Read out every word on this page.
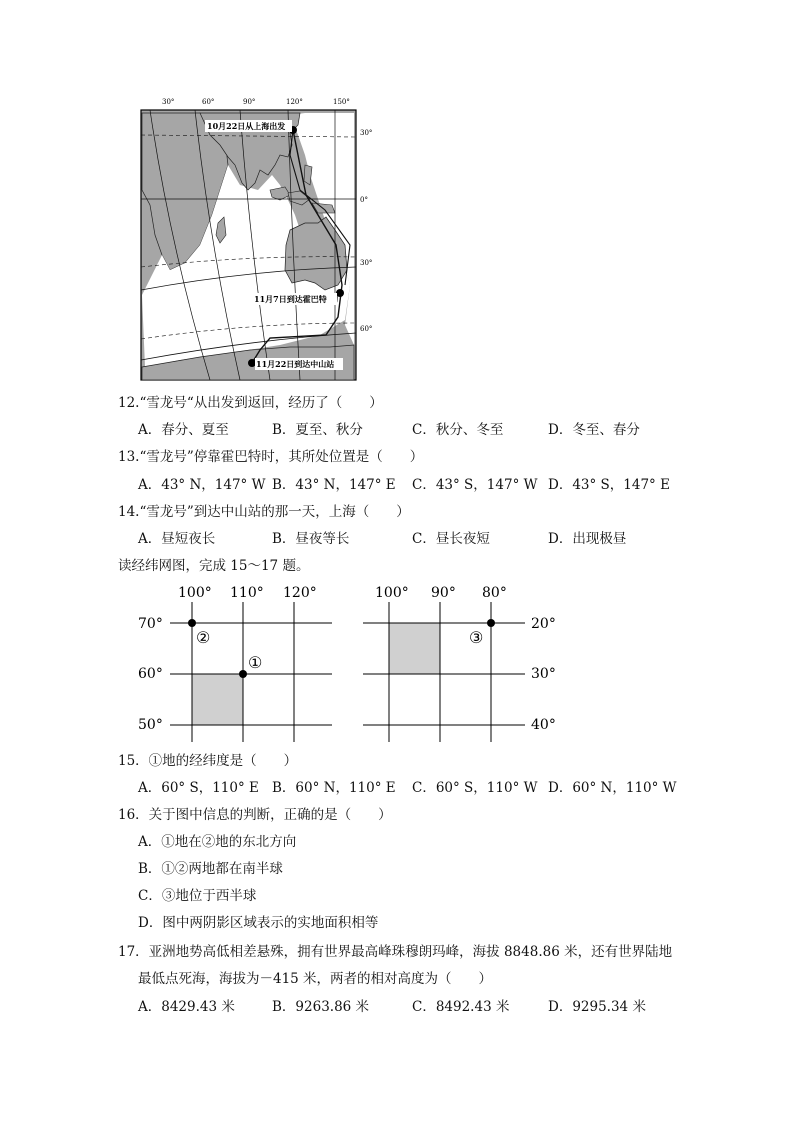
30°	60°	90°	120°	150°
30°
0°
30°
60°
10月22日从上海出发
11月7日到达霍巴特
11月22日到达中山站
12.“雪龙号“从出发到返回，经历了（　　）
A．春分、夏至	B．夏至、秋分	C．秋分、冬至	D．冬至、春分
13.“雪龙号”停靠霍巴特时，其所处位置是（　　）
A．43° N，147° W B．43° N，147° E C．43° S，147° W D．43° S，147° E
14.“雪龙号”到达中山站的那一天，上海（　　）
A．昼短夜长	B．昼夜等长	C．昼长夜短	D．出现极昼
读经纬网图，完成 15～17 题。
100° 110° 120°
70°
60°
50°
②
①
100° 90° 80°
20°
30°
40°
③
15．①地的经纬度是（　　）
A．60° S，110° E B．60° N，110° E C．60° S，110° W D．60° N，110° W
16．关于图中信息的判断，正确的是（　　）
A．①地在②地的东北方向
B．①②两地都在南半球
C．③地位于西半球
D．图中两阴影区域表示的实地面积相等
17．亚洲地势高低相差悬殊，拥有世界最高峰珠穆朗玛峰，海拔 8848.86 米，还有世界陆地
最低点死海，海拔为－415 米，两者的相对高度为（　　）
A．8429.43 米	B．9263.86 米	C．8492.43 米	D．9295.34 米
